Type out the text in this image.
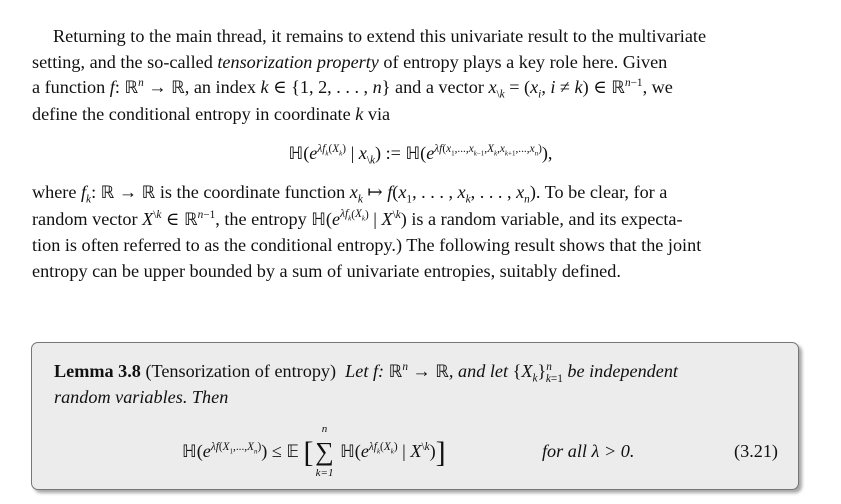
Returning to the main thread, it remains to extend this univariate result to the multivariate

setting, and the so-called tensorization property of entropy plays a key role here. Given

a function f: ℝ$^n$ → ℝ, an index k ∈ {1, 2, . . . , n} and a vector $x_{\backslash k} = (x_i$, i ≠ k) ∈ ℝ$^{n-1}$, we

define the conditional entropy in coordinate k via

$ℍ(e^{\lambda f_k(X_k)}$ | $x_{\backslash k}$) := $ℍ(e^{\lambda f(x_1,...,x_{k-1},X_k,x_{k+1},...,x_n)})$,

where $f_k$: ℝ → ℝ is the coordinate function $x_k$ ↦ $f(x_1$, . . . , $x_k$, . . . , $x_n$). To be clear, for a

random vector $X^{\backslash k}$ ∈ ℝ$^{n-1}$, the entropy $ℍ(e^{\lambda f_k(X_k)}$ | $X^{\backslash k}$) is a random variable, and its expecta-

tion is often referred to as the conditional entropy.) The following result shows that the joint

entropy can be upper bounded by a sum of univariate entropies, suitably defined.

Lemma 3.8 (Tensorization of entropy) Let f: ℝ$^n$ → ℝ, and let $\{X_k\}^n_{k=1}$ be independent
random variables. Then
$ℍ(e^{\lambda f(X_1,...,X_n)})$ ≤ 𝔼 [
n
∑
k=1
$ℍ(e^{\lambda f_k(X_k)}$ | $X^{\backslash k}$)]	for all λ > 0.	(3.21)
